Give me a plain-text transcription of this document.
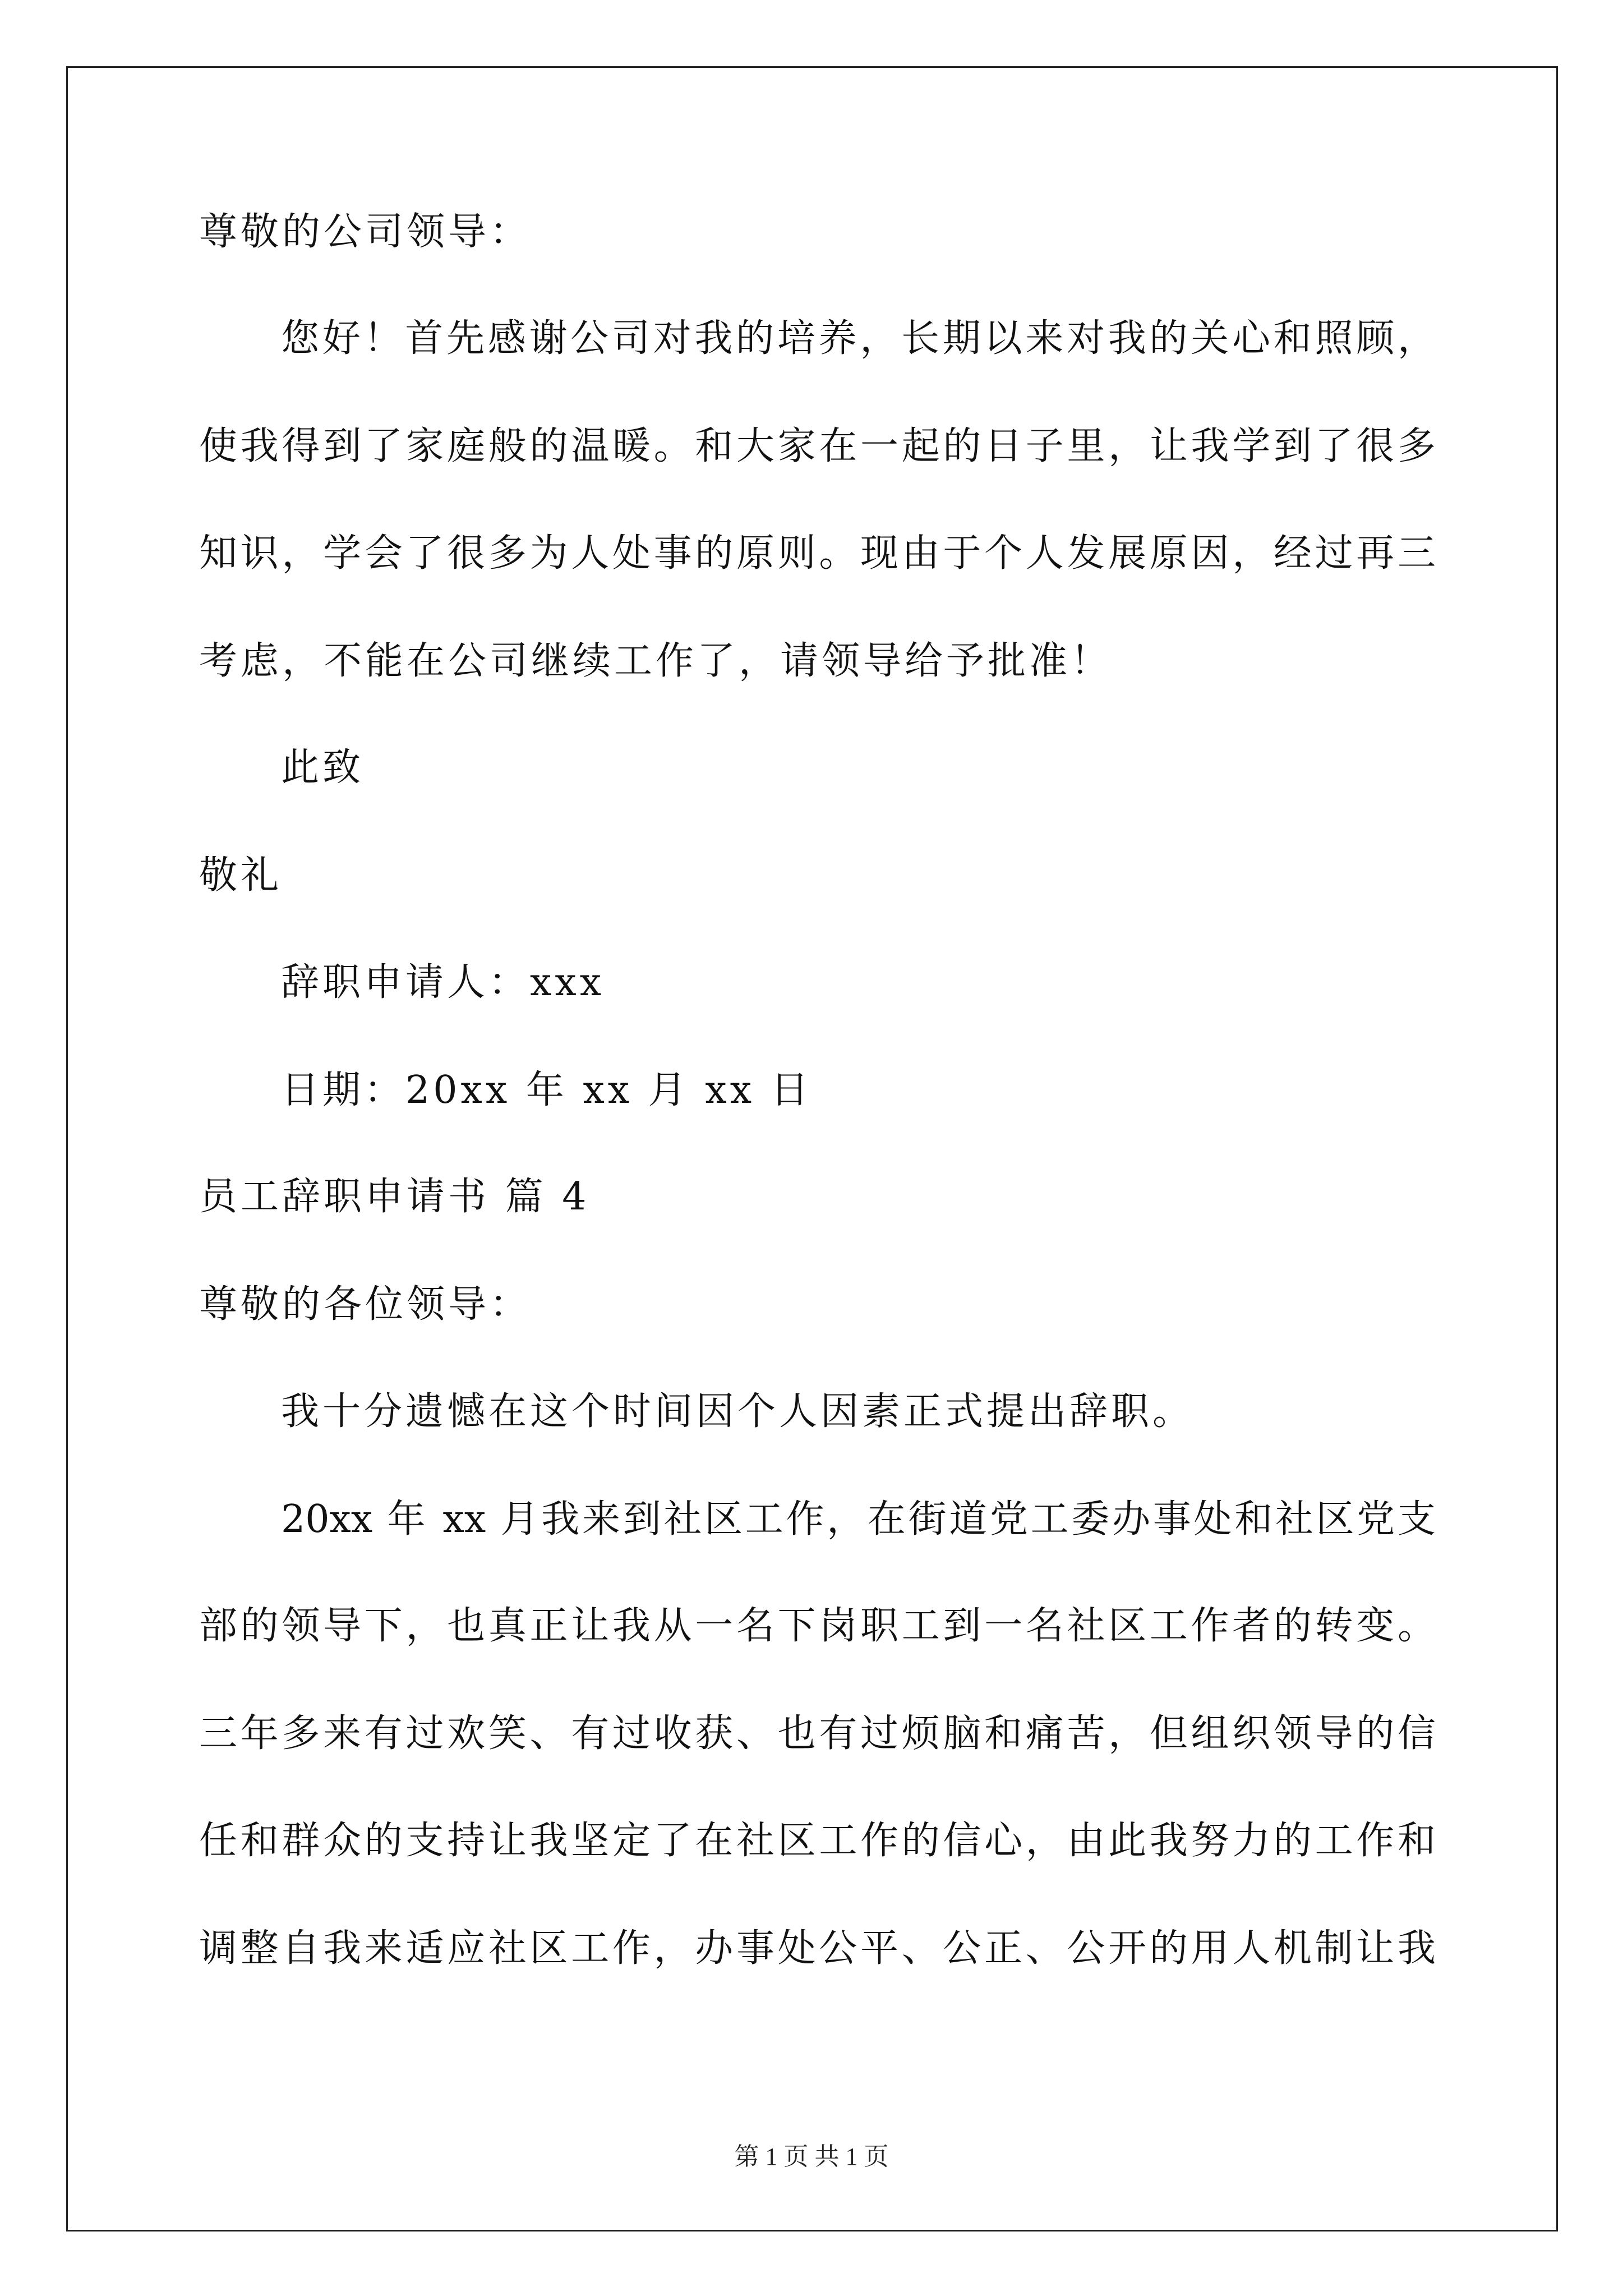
尊敬的公司领导：
您好！首先感谢公司对我的培养，长期以来对我的关心和照顾，
使我得到了家庭般的温暖。和大家在一起的日子里，让我学到了很多
知识，学会了很多为人处事的原则。现由于个人发展原因，经过再三
考虑，不能在公司继续工作了，请领导给予批准！
此致
敬礼
辞职申请人：xxx
日期：20xx 年 xx 月 xx 日
员工辞职申请书 篇 4
尊敬的各位领导：
我十分遗憾在这个时间因个人因素正式提出辞职。
20xx 年 xx 月我来到社区工作，在街道党工委办事处和社区党支
部的领导下，也真正让我从一名下岗职工到一名社区工作者的转变。
三年多来有过欢笑、有过收获、也有过烦脑和痛苦，但组织领导的信
任和群众的支持让我坚定了在社区工作的信心，由此我努力的工作和
调整自我来适应社区工作，办事处公平、公正、公开的用人机制让我
第 1 页 共 1 页
